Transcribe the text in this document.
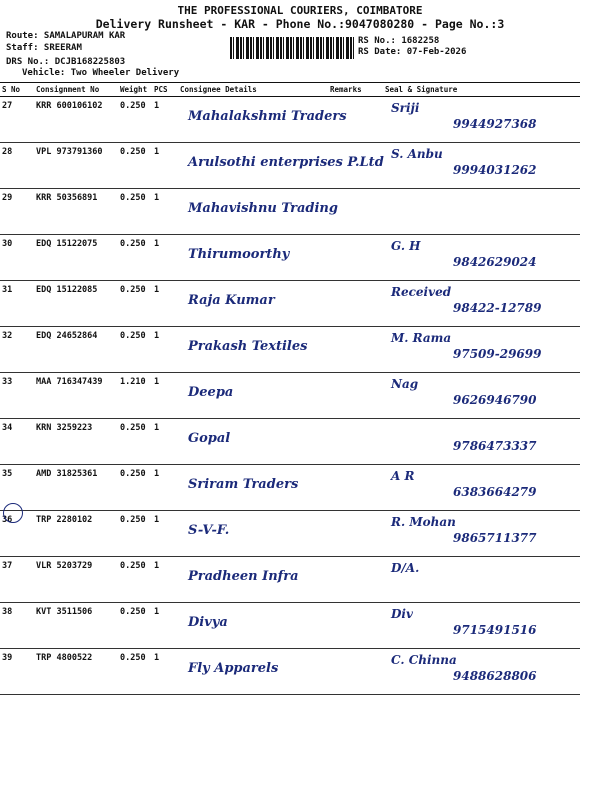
THE PROFESSIONAL COURIERS, COIMBATORE
Delivery Runsheet - KAR - Phone No.:9047080280 - Page No.:3
Route: SAMALAPURAM KAR
Staff: SREERAM
DRS No.: DCJB168225803
Vehicle: Two Wheeler Delivery
RS No.: 1682258
RS Date: 07-Feb-2026
S No	Consignment No	Weight	PCS	Consignee Details	Remarks	Seal & Signature
27	KRR 600106102	0.250	1	Mahalakshmi Traders		Sriji
9944927368

28	VPL 973791360	0.250	1	Arulsothi enterprises P.Ltd		S. Anbu
9994031262

29	KRR 50356891	0.250	1	Mahavishnu Trading		

30	EDQ 15122075	0.250	1	Thirumoorthy		G. H
9842629024

31	EDQ 15122085	0.250	1	Raja Kumar		Received
98422-12789

32	EDQ 24652864	0.250	1	Prakash Textiles		M. Rama
97509-29699

33	MAA 716347439	1.210	1	Deepa		Nag
9626946790

34	KRN 3259223	0.250	1	Gopal		9786473337

35	AMD 31825361	0.250	1	Sriram Traders		A R
6383664279

36	TRP 2280102	0.250	1	S-V-F.		R. Mohan
9865711377

37	VLR 5203729	0.250	1	Pradheen Infra		D/A.

38	KVT 3511506	0.250	1	Divya		Div
9715491516

39	TRP 4800522	0.250	1	Fly Apparels		C. Chinna
9488628806
